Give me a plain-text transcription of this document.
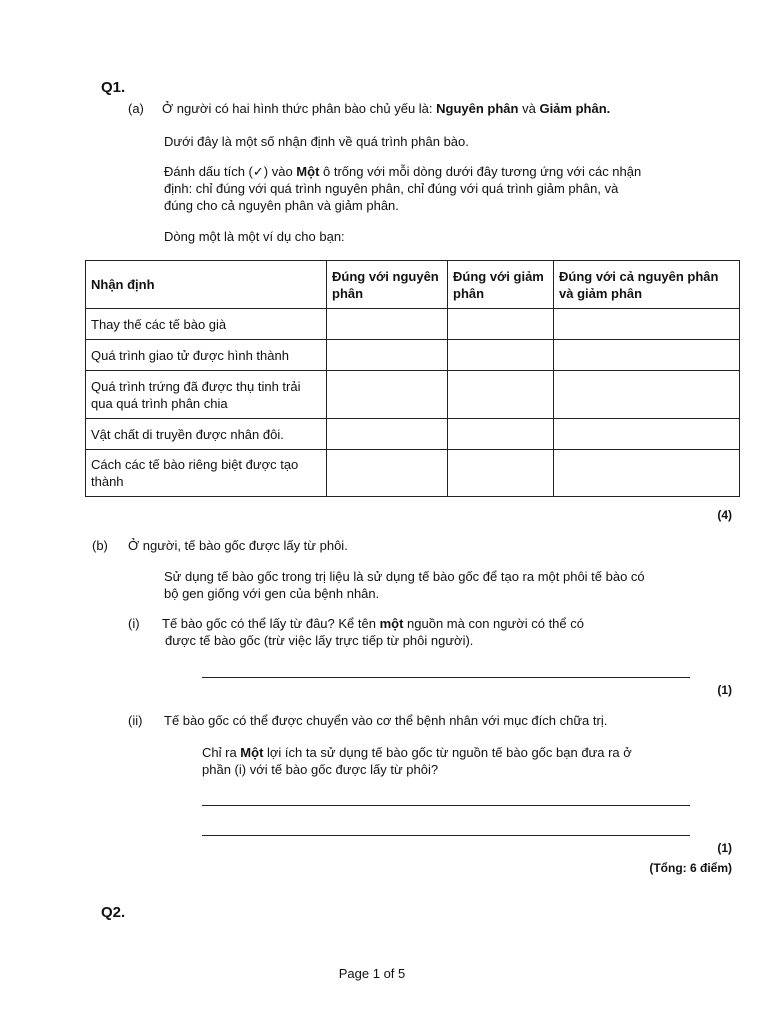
Q1.
(a) Ở người có hai hình thức phân bào chủ yếu là: Nguyên phân và Giảm phân.
Dưới đây là một số nhận định về quá trình phân bào.
Đánh dấu tích (✓) vào Một ô trống với mỗi dòng dưới đây tương ứng với các nhận
định: chỉ đúng với quá trình nguyên phân, chỉ đúng với quá trình giảm phân, và
đúng cho cả nguyên phân và giảm phân.
Dòng một là một ví dụ cho bạn:
Nhận định	Đúng với nguyên phân	Đúng với giảm phân	Đúng với cả nguyên phân và giảm phân
Thay thế các tế bào già			
Quá trình giao tử được hình thành			
Quá trình trứng đã được thụ tinh trải qua quá trình phân chia			
Vật chất di truyền được nhân đôi.			
Cách các tế bào riêng biệt được tạo thành			
(4)
(b) Ở người, tế bào gốc được lấy từ phôi.
Sử dụng tế bào gốc trong trị liệu là sử dụng tế bào gốc để tạo ra một phôi tế bào có
bộ gen giống với gen của bệnh nhân.
(i) Tế bào gốc có thể lấy từ đâu? Kể tên một nguồn mà con người có thể có
được tế bào gốc (trừ việc lấy trực tiếp từ phôi người).
(1)
(ii) Tế bào gốc có thể được chuyển vào cơ thể bệnh nhân với mục đích chữa trị.
Chỉ ra Một lợi ích ta sử dụng tế bào gốc từ nguồn tế bào gốc bạn đưa ra ở
phần (i) với tế bào gốc được lấy từ phôi?
(1)
(Tổng: 6 điểm)
Q2.
Page 1 of 5
